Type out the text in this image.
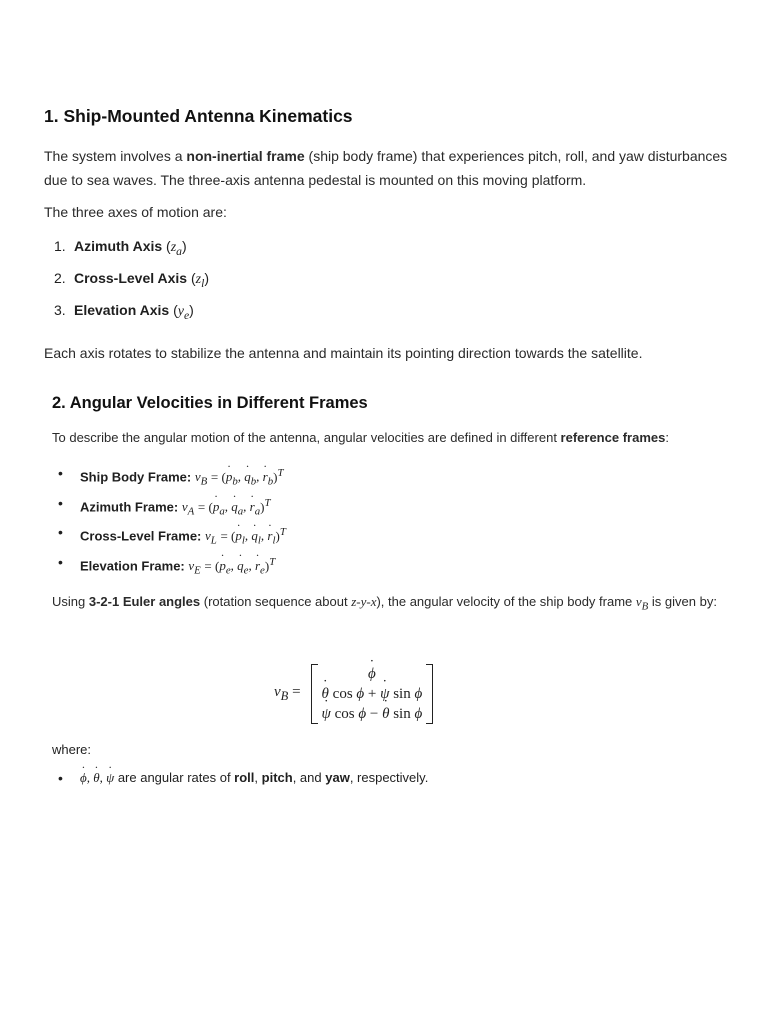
1. Ship-Mounted Antenna Kinematics

The system involves a non-inertial frame (ship body frame) that experiences pitch, roll, and yaw disturbances due to sea waves. The three-axis antenna pedestal is mounted on this moving platform.

The three axes of motion are:

1. Azimuth Axis $(z_a)$
2. Cross-Level Axis $(z_l)$
3. Elevation Axis $(y_e)$

Each axis rotates to stabilize the antenna and maintain its pointing direction towards the satellite.

2. Angular Velocities in Different Frames

To describe the angular motion of the antenna, angular velocities are defined in different reference frames:

• Ship Body Frame: $v_B = (p$ $˙_b$, q $˙_b$, r $˙_b)^T$
• Azimuth Frame: $v_A = (p$ $˙_a$, q $˙_a$, r $˙_a)^T$
• Cross-Level Frame: $v_L = (p$ $˙_l$, q $˙_l$, r $˙_l)^T$
• Elevation Frame: $v_E = (p$ $˙_e$, q $˙_e$, r $˙_e)^T$

Using 3-2-1 Euler angles (rotation sequence about z-y-x), the angular velocity of the ship body frame $v_B$ is given by:

$v_B$ =
ϕ ˙
θ ˙ cos ϕ + ψ ˙ sin ϕ
ψ ˙ cos ϕ − θ ˙ sin ϕ

where:

• ϕ ˙, θ ˙, ψ ˙ are angular rates of roll, pitch, and yaw, respectively.
